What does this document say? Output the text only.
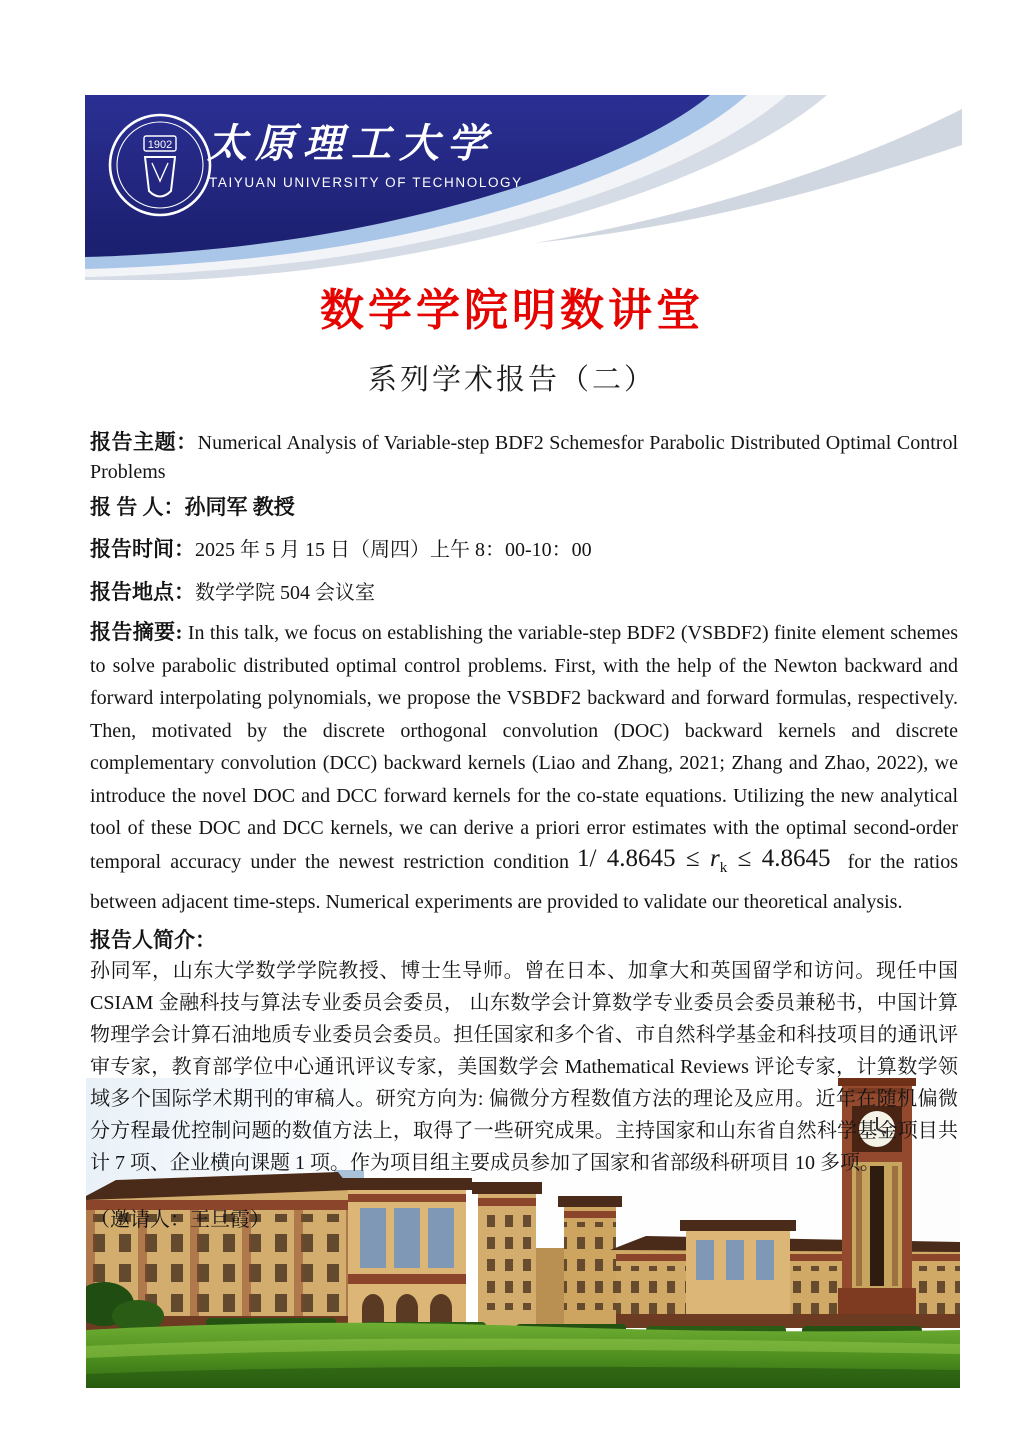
1902 太原理工大学
TAIYUAN UNIVERSITY OF TECHNOLOGY
数学学院明数讲堂
系列学术报告（二）

报告主题：Numerical Analysis of Variable-step BDF2 Schemesfor Parabolic Distributed Optimal Control Problems

报 告 人：孙同军 教授

报告时间：2025 年 5 月 15 日（周四）上午 8：00-10：00

报告地点：数学学院 504 会议室

报告摘要: In this talk, we focus on establishing the variable-step BDF2 (VSBDF2) finite element schemes to solve parabolic distributed optimal control problems. First, with the help of the Newton backward and forward interpolating polynomials, we propose the VSBDF2 backward and forward formulas, respectively. Then, motivated by the discrete orthogonal convolution (DOC) backward kernels and discrete complementary convolution (DCC) backward kernels (Liao and Zhang, 2021; Zhang and Zhao, 2022), we introduce the novel DOC and DCC forward kernels for the co-state equations. Utilizing the new analytical tool of these DOC and DCC kernels, we can derive a priori error estimates with the optimal second-order temporal accuracy under the newest restriction condition 1/ $4.8645 \le r_k \le 4.8645$ for the ratios between adjacent time-steps. Numerical experiments are provided to validate our theoretical analysis.

报告人简介：

孙同军，山东大学数学学院教授、博士生导师。曾在日本、加拿大和英国留学和访问。现任中国 CSIAM 金融科技与算法专业委员会委员， 山东数学会计算数学专业委员会委员兼秘书，中国计算物理学会计算石油地质专业委员会委员。担任国家和多个省、市自然科学基金和科技项目的通讯评审专家，教育部学位中心通讯评议专家，美国数学会 Mathematical Reviews 评论专家，计算数学领域多个国际学术期刊的审稿人。研究方向为: 偏微分方程数值方法的理论及应用。近年在随机偏微分方程最优控制问题的数值方法上，取得了一些研究成果。主持国家和山东省自然科学基金项目共计 7 项、企业横向课题 1 项。作为项目组主要成员参加了国家和省部级科研项目 10 多项。

（邀请人：王旦霞）
